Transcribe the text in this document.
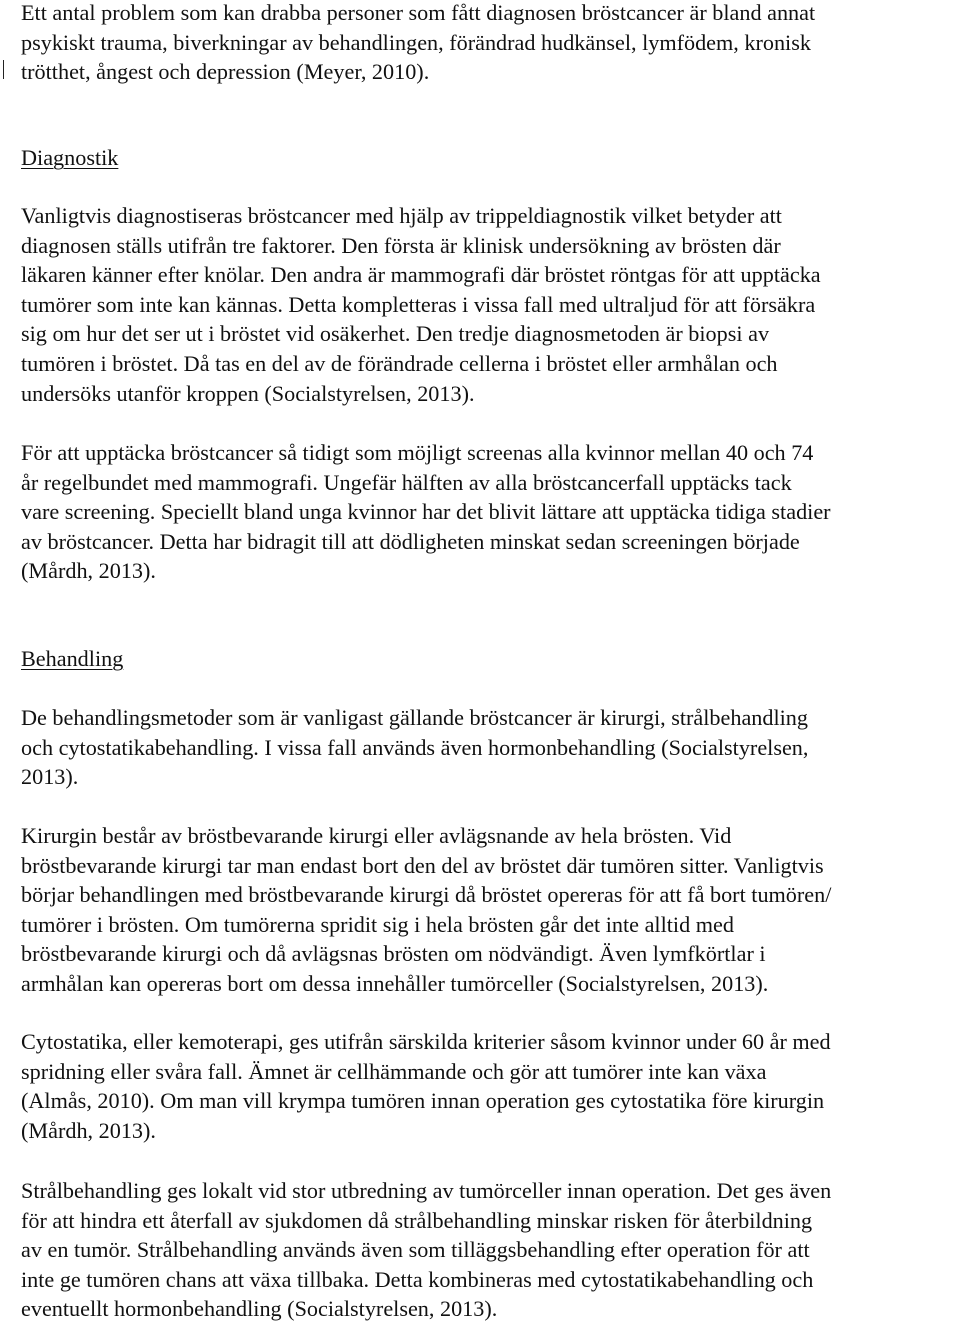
Ett antal problem som kan drabba personer som fått diagnosen bröstcancer är bland annat
psykiskt trauma, biverkningar av behandlingen, förändrad hudkänsel, lymfödem, kronisk
trötthet, ångest och depression (Meyer, 2010).

Diagnostik

Vanligtvis diagnostiseras bröstcancer med hjälp av trippeldiagnostik vilket betyder att
diagnosen ställs utifrån tre faktorer. Den första är klinisk undersökning av brösten där
läkaren känner efter knölar. Den andra är mammografi där bröstet röntgas för att upptäcka
tumörer som inte kan kännas. Detta kompletteras i vissa fall med ultraljud för att försäkra
sig om hur det ser ut i bröstet vid osäkerhet. Den tredje diagnosmetoden är biopsi av
tumören i bröstet. Då tas en del av de förändrade cellerna i bröstet eller armhålan och
undersöks utanför kroppen (Socialstyrelsen, 2013).

För att upptäcka bröstcancer så tidigt som möjligt screenas alla kvinnor mellan 40 och 74
år regelbundet med mammografi. Ungefär hälften av alla bröstcancerfall upptäcks tack
vare screening. Speciellt bland unga kvinnor har det blivit lättare att upptäcka tidiga stadier
av bröstcancer. Detta har bidragit till att dödligheten minskat sedan screeningen började
(Mårdh, 2013).

Behandling

De behandlingsmetoder som är vanligast gällande bröstcancer är kirurgi, strålbehandling
och cytostatikabehandling. I vissa fall används även hormonbehandling (Socialstyrelsen,
2013).

Kirurgin består av bröstbevarande kirurgi eller avlägsnande av hela brösten. Vid
bröstbevarande kirurgi tar man endast bort den del av bröstet där tumören sitter. Vanligtvis
börjar behandlingen med bröstbevarande kirurgi då bröstet opereras för att få bort tumören/
tumörer i brösten. Om tumörerna spridit sig i hela brösten går det inte alltid med
bröstbevarande kirurgi och då avlägsnas brösten om nödvändigt. Även lymfkörtlar i
armhålan kan opereras bort om dessa innehåller tumörceller (Socialstyrelsen, 2013).

Cytostatika, eller kemoterapi, ges utifrån särskilda kriterier såsom kvinnor under 60 år med
spridning eller svåra fall. Ämnet är cellhämmande och gör att tumörer inte kan växa
(Almås, 2010). Om man vill krympa tumören innan operation ges cytostatika före kirurgin
(Mårdh, 2013).

Strålbehandling ges lokalt vid stor utbredning av tumörceller innan operation. Det ges även
för att hindra ett återfall av sjukdomen då strålbehandling minskar risken för återbildning
av en tumör. Strålbehandling används även som tilläggsbehandling efter operation för att
inte ge tumören chans att växa tillbaka. Detta kombineras med cytostatikabehandling och
eventuellt hormonbehandling (Socialstyrelsen, 2013).
